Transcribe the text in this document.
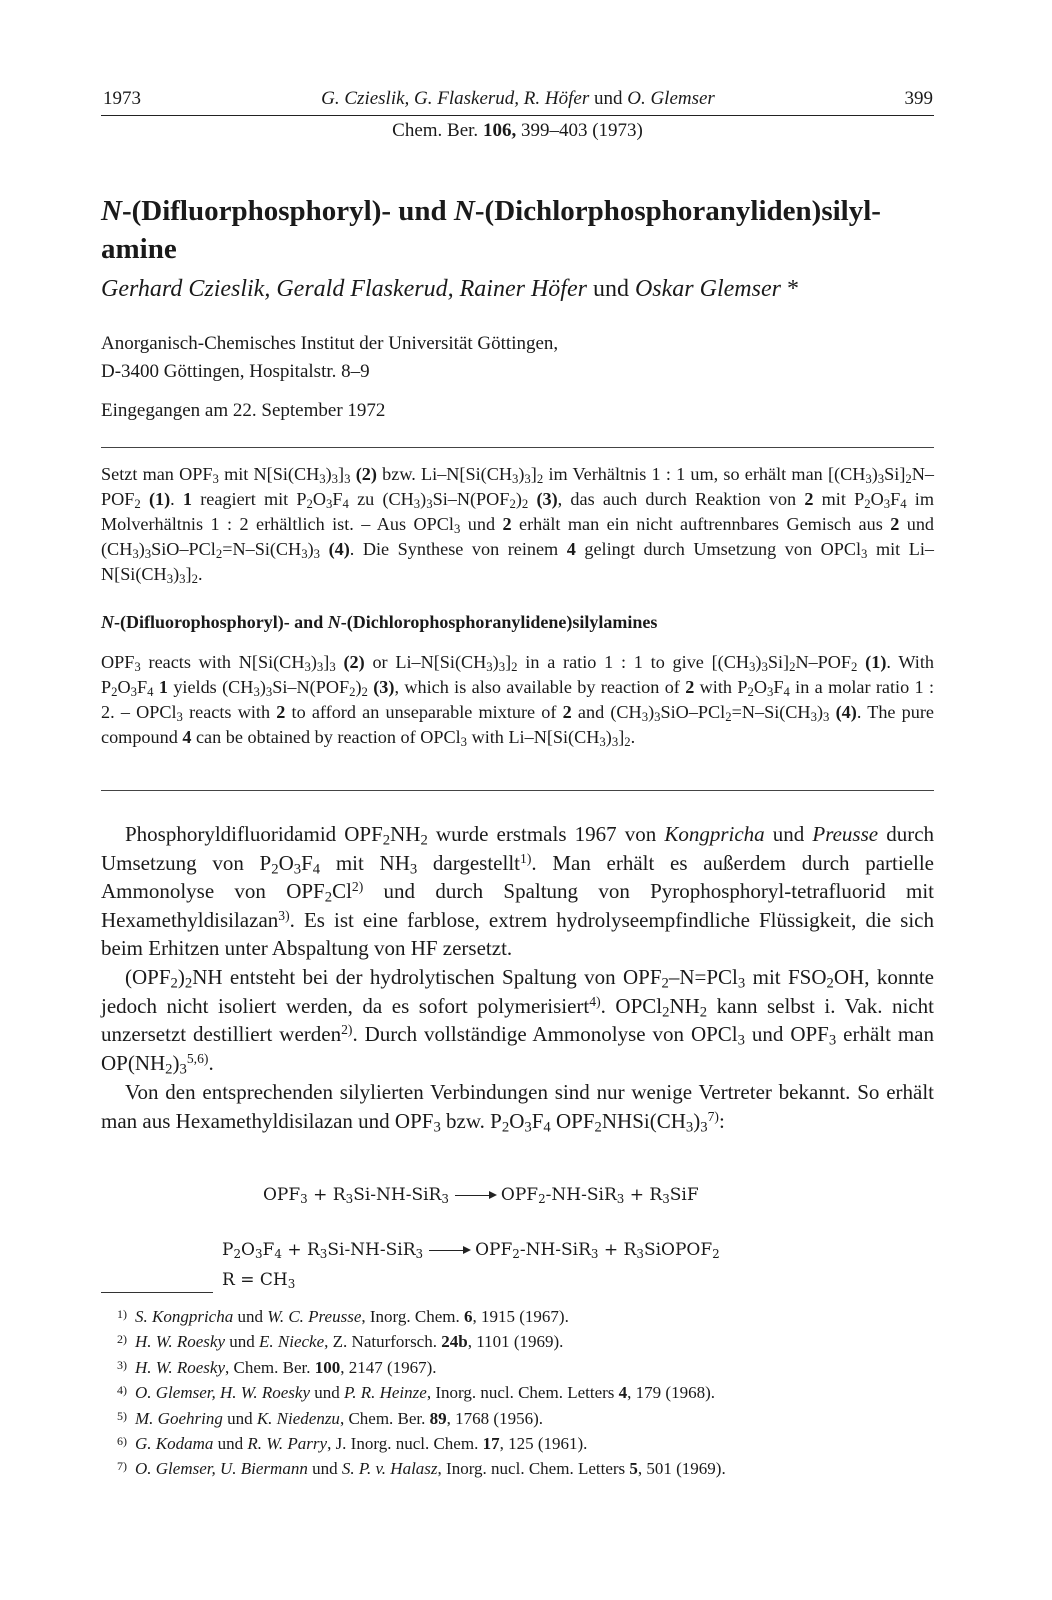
1973	G. Czieslik, G. Flaskerud, R. Höfer und O. Glemser	399
Chem. Ber. 106, 399–403 (1973)
N-(Difluorphosphoryl)- und N-(Dichlorphosphoranyliden)silyl-
amine
Gerhard Czieslik, Gerald Flaskerud, Rainer Höfer und Oskar Glemser *
Anorganisch-Chemisches Institut der Universität Göttingen,
D-3400 Göttingen, Hospitalstr. 8–9
Eingegangen am 22. September 1972
Setzt man $OPF_3$ mit $N[Si(CH_3)_3]_3$ (2) bzw. $Li-N[Si(CH_3)_3]_2$ im Verhältnis 1 : 1 um, so erhält man $[(CH_3)_3Si]_2N-POF_2$ (1). 1 reagiert mit $P_2O_3F_4$ zu $(CH_3)_3Si-N(POF_2)_2$ (3), das auch durch Reaktion von 2 mit $P_2O_3F_4$ im Molverhältnis 1 : 2 erhältlich ist. – Aus OPCl$_3$ und 2 erhält man ein nicht auftrennbares Gemisch aus 2 und $(CH_3)_3SiO-PCl_2=N-Si(CH_3)_3$ (4). Die Synthese von reinem 4 gelingt durch Umsetzung von OPCl$_3$ mit $Li-N[Si(CH_3)_3]_2$.
N-(Difluorophosphoryl)- and N-(Dichlorophosphoranylidene)silylamines
$OPF_3$ reacts with $N[Si(CH_3)_3]_3$ (2) or $Li-N[Si(CH_3)_3]_2$ in a ratio 1 : 1 to give $[(CH_3)_3Si]_2N-POF_2$ (1). With $P_2O_3F_4$ 1 yields $(CH_3)_3Si-N(POF_2)_2$ (3), which is also available by reaction of 2 with $P_2O_3F_4$ in a molar ratio 1 : 2. – OPCl$_3$ reacts with 2 to afford an unseparable mixture of 2 and $(CH_3)_3SiO-PCl_2=N-Si(CH_3)_3$ (4). The pure compound 4 can be obtained by reaction of OPCl$_3$ with $Li-N[Si(CH_3)_3]_2$.

Phosphoryldifluoridamid $OPF_2NH_2$ wurde erstmals 1967 von Kongpricha und Preusse durch Umsetzung von $P_2O_3F_4$ mit $NH_3$ dargestellt$^{1)}$. Man erhält es außerdem durch partielle Ammonolyse von $OPF_2Cl^{2)}$ und durch Spaltung von Pyrophosphoryl-tetrafluorid mit Hexamethyldisilazan$^{3)}$. Es ist eine farblose, extrem hydrolyseempfindliche Flüssigkeit, die sich beim Erhitzen unter Abspaltung von HF zersetzt.

$(OPF_2)_2NH$ entsteht bei der hydrolytischen Spaltung von $OPF_2-N=PCl_3$ mit $FSO_2OH$, konnte jedoch nicht isoliert werden, da es sofort polymerisiert$^{4)}$. $OPCl_2NH_2$ kann selbst i. Vak. nicht unzersetzt destilliert werden$^{2)}$. Durch vollständige Ammonolyse von OPCl$_3$ und $OPF_3$ erhält man $OP(NH_2)_3^{5,6)}$.

Von den entsprechenden silylierten Verbindungen sind nur wenige Vertreter bekannt. So erhält man aus Hexamethyldisilazan und $OPF_3$ bzw. $P_2O_3F_4$ $OPF_2NHSi(CH_3)_3^{7)}$:

$OPF_3 + R_3Si-NH-SiR_3 \to OPF_2-NH-SiR_3 + R_3SiF$
$P_2O_3F_4 + R_3Si-NH-SiR_3 \to OPF_2-NH-SiR_3$ + $R_3SiOPOF_2$
$R = CH_3$
1) S. Kongpricha und W. C. Preusse, Inorg. Chem. 6, 1915 (1967).
2) H. W. Roesky und E. Niecke, Z. Naturforsch. 24b, 1101 (1969).
3) H. W. Roesky, Chem. Ber. 100, 2147 (1967).
4) O. Glemser, H. W. Roesky und P. R. Heinze, Inorg. nucl. Chem. Letters 4, 179 (1968).
5) M. Goehring und K. Niedenzu, Chem. Ber. 89, 1768 (1956).
6) G. Kodama und R. W. Parry, J. Inorg. nucl. Chem. 17, 125 (1961).
7) O. Glemser, U. Biermann und S. P. v. Halasz, Inorg. nucl. Chem. Letters 5, 501 (1969).
